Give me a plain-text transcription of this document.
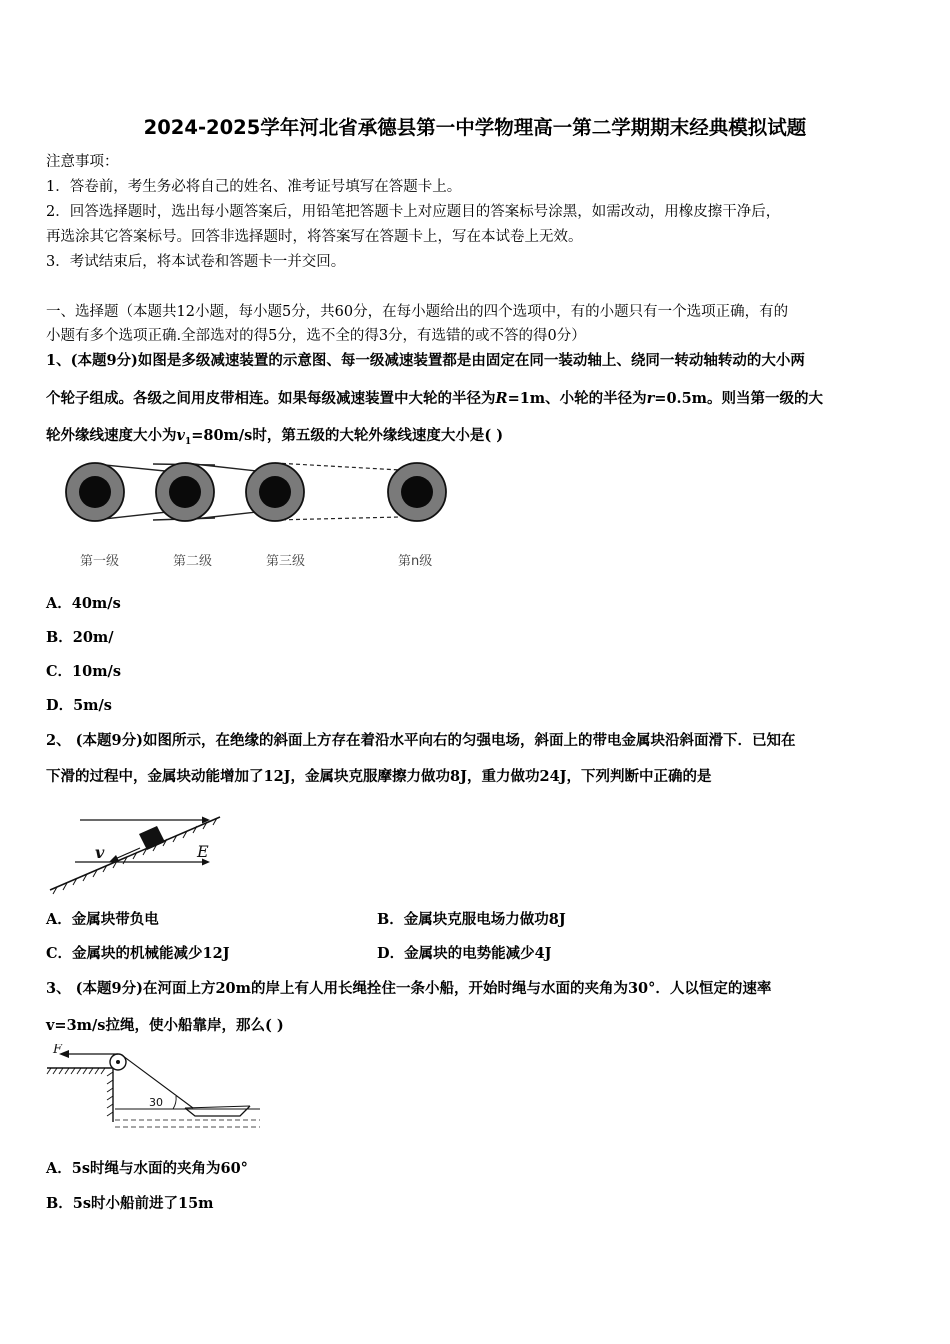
2024-2025学年河北省承德县第一中学物理高一第二学期期末经典模拟试题
注意事项：
1．答卷前，考生务必将自己的姓名、准考证号填写在答题卡上。
2．回答选择题时，选出每小题答案后，用铅笔把答题卡上对应题目的答案标号涂黑，如需改动，用橡皮擦干净后，
再选涂其它答案标号。回答非选择题时，将答案写在答题卡上，写在本试卷上无效。
3．考试结束后，将本试卷和答题卡一并交回。
一、选择题（本题共12小题，每小题5分，共60分，在每小题给出的四个选项中，有的小题只有一个选项正确，有的
小题有多个选项正确.全部选对的得5分，选不全的得3分，有选错的或不答的得0分）
1、(本题9分)如图是多级减速装置的示意图、每一级减速装置都是由固定在同一装动轴上、绕同一转动轴转动的大小两
个轮子组成。各级之间用皮带相连。如果每级减速装置中大轮的半径为R=1m、小轮的半径为r=0.5m。则当第一级的大
轮外缘线速度大小为$v_1=80m/s$时，第五级的大轮外缘线速度大小是( )
第一级	第二级	第三级	第n级
A．40m/s
B．20m/
C．10m/s
D．5m/s
2、 (本题9分)如图所示，在绝缘的斜面上方存在着沿水平向右的匀强电场，斜面上的带电金属块沿斜面滑下．已知在
下滑的过程中，金属块动能增加了12J，金属块克服摩擦力做功8J，重力做功24J，下列判断中正确的是
v	E
A．金属块带负电	B．金属块克服电场力做功8J
C．金属块的机械能减少12J	D．金属块的电势能减少4J
3、 (本题9分)在河面上方20m的岸上有人用长绳拴住一条小船，开始时绳与水面的夹角为30°．人以恒定的速率
v=3m/s拉绳，使小船靠岸，那么( )
F
30
A．5s时绳与水面的夹角为60°
B．5s时小船前进了15m
